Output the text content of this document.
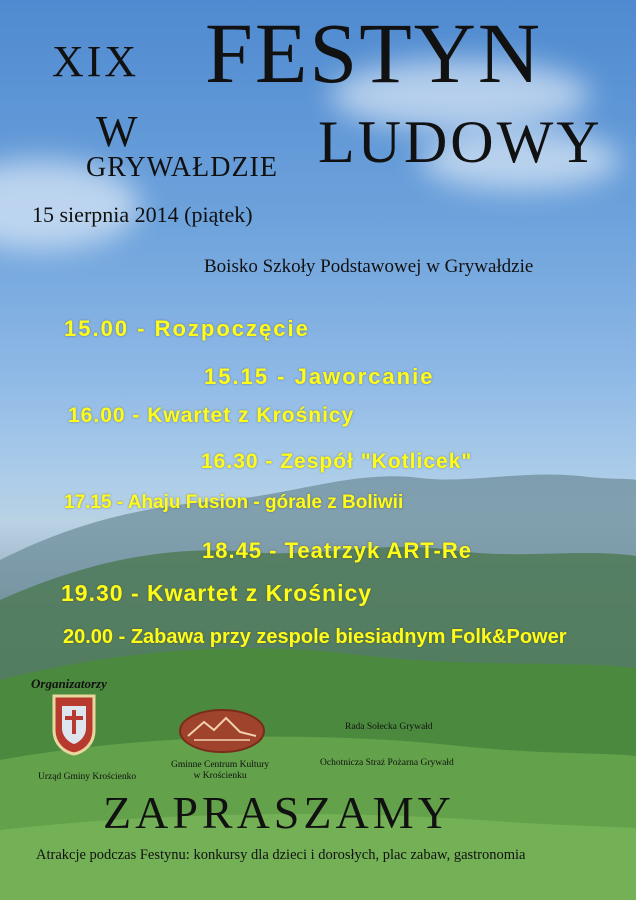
XIX FESTYN
W
GRYWAŁDZIE LUDOWY
15 sierpnia 2014 (piątek)
Boisko Szkoły Podstawowej w Grywałdzie
15.00 - Rozpoczęcie
15.15 - Jaworcanie
16.00 - Kwartet z Krośnicy
16.30 - Zespół "Kotlicek"
17.15 - Ahaju Fusion - górale z Boliwii
18.45 - Teatrzyk ART-Re
19.30 - Kwartet z Krośnicy
20.00 - Zabawa przy zespole biesiadnym Folk&Power
Organizatorzy
Urząd Gminy Krościenko
Gminne Centrum Kultury
w Krościenku
Rada Sołecka Grywałd
Ochotnicza Straż Pożarna Grywałd
ZAPRASZAMY
Atrakcje podczas Festynu: konkursy dla dzieci i dorosłych, plac zabaw, gastronomia
